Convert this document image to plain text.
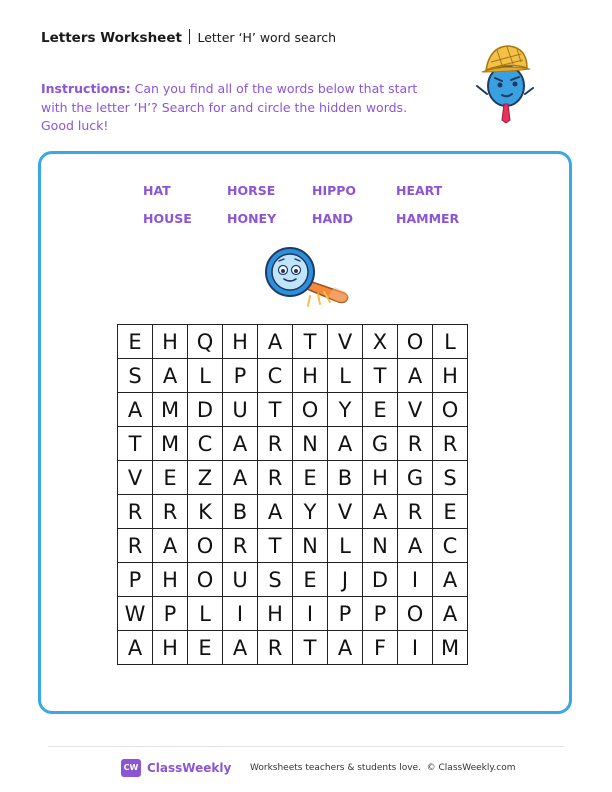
Letters Worksheet Letter ‘H’ word search
Instructions: Can you find all of the words below that start with the letter ‘H’? Search for and circle the hidden words. Good luck!
HAT	HORSE	HIPPO	HEART
HOUSE	HONEY	HAND	HAMMER
E	H	Q	H	A	T	V	X	O	L
S	A	L	P	C	H	L	T	A	H
A	M	D	U	T	O	Y	E	V	O
T	M	C	A	R	N	A	G	R	R
V	E	Z	A	R	E	B	H	G	S
R	R	K	B	A	Y	V	A	R	E
R	A	O	R	T	N	L	N	A	C
P	H	O	U	S	E	J	D	I	A
W	P	L	I	H	I	P	P	O	A
A	H	E	A	R	T	A	F	I	M
CW ClassWeekly Worksheets teachers & students love. © ClassWeekly.com
